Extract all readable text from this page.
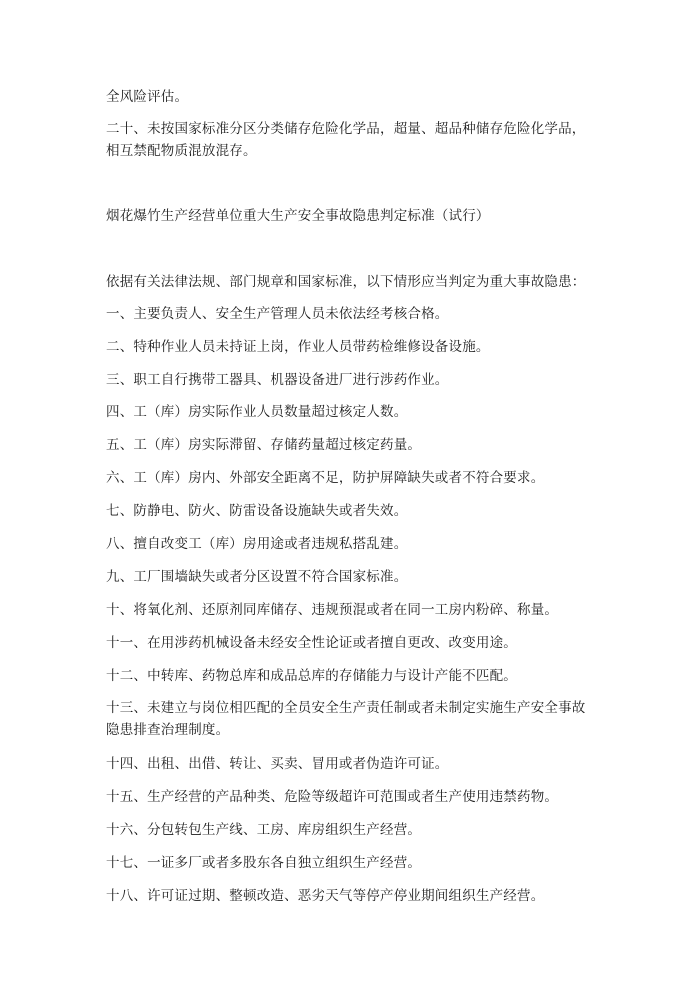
全风险评估。
二十、未按国家标准分区分类储存危险化学品，超量、超品种储存危险化学品，相互禁配物质混放混存。
烟花爆竹生产经营单位重大生产安全事故隐患判定标准（试行）
依据有关法律法规、部门规章和国家标准，以下情形应当判定为重大事故隐患：
一、主要负责人、安全生产管理人员未依法经考核合格。
二、特种作业人员未持证上岗，作业人员带药检维修设备设施。
三、职工自行携带工器具、机器设备进厂进行涉药作业。
四、工（库）房实际作业人员数量超过核定人数。
五、工（库）房实际滞留、存储药量超过核定药量。
六、工（库）房内、外部安全距离不足，防护屏障缺失或者不符合要求。
七、防静电、防火、防雷设备设施缺失或者失效。
八、擅自改变工（库）房用途或者违规私搭乱建。
九、工厂围墙缺失或者分区设置不符合国家标准。
十、将氧化剂、还原剂同库储存、违规预混或者在同一工房内粉碎、称量。
十一、在用涉药机械设备未经安全性论证或者擅自更改、改变用途。
十二、中转库、药物总库和成品总库的存储能力与设计产能不匹配。
十三、未建立与岗位相匹配的全员安全生产责任制或者未制定实施生产安全事故隐患排查治理制度。
十四、出租、出借、转让、买卖、冒用或者伪造许可证。
十五、生产经营的产品种类、危险等级超许可范围或者生产使用违禁药物。
十六、分包转包生产线、工房、库房组织生产经营。
十七、一证多厂或者多股东各自独立组织生产经营。
十八、许可证过期、整顿改造、恶劣天气等停产停业期间组织生产经营。
